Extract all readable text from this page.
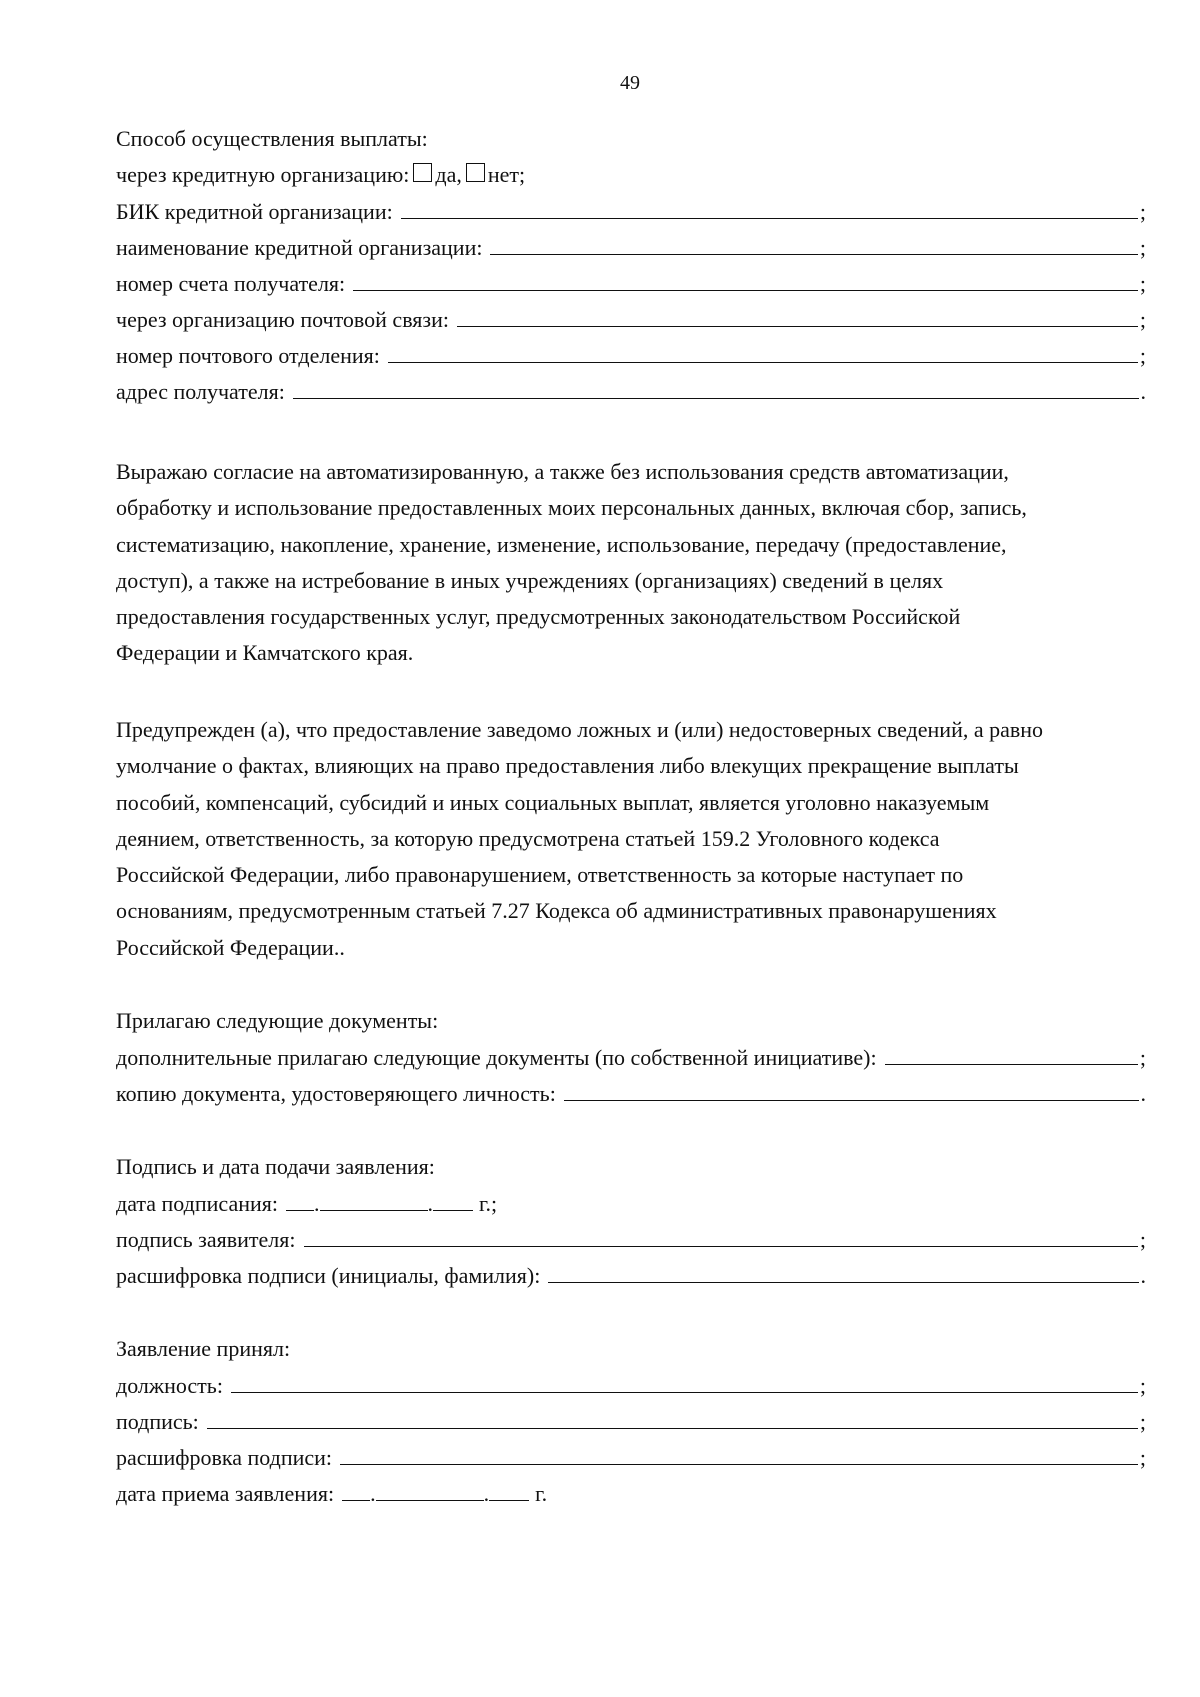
49
Способ осуществления выплаты:
через кредитную организацию: да, нет;
БИК кредитной организации:	;
наименование кредитной организации:	;
номер счета получателя:	;
через организацию почтовой связи:	;
номер почтового отделения:	;
адрес получателя:	.
Выражаю согласие на автоматизированную, а также без использования средств автоматизации,
обработку и использование предоставленных моих персональных данных, включая сбор, запись,
систематизацию, накопление, хранение, изменение, использование, передачу (предоставление,
доступ), а также на истребование в иных учреждениях (организациях) сведений в целях
предоставления государственных услуг, предусмотренных законодательством Российской
Федерации и Камчатского края.
Предупрежден (а), что предоставление заведомо ложных и (или) недостоверных сведений, а равно
умолчание о фактах, влияющих на право предоставления либо влекущих прекращение выплаты
пособий, компенсаций, субсидий и иных социальных выплат, является уголовно наказуемым
деянием, ответственность, за которую предусмотрена статьей 159.2 Уголовного кодекса
Российской Федерации, либо правонарушением, ответственность за которые наступает по
основаниям, предусмотренным статьей 7.27 Кодекса об административных правонарушениях
Российской Федерации..
Прилагаю следующие документы:
дополнительные прилагаю следующие документы (по собственной инициативе):	;
копию документа, удостоверяющего личность:	.
Подпись и дата подачи заявления:
дата подписания: .	. г.;
подпись заявителя:	;
расшифровка подписи (инициалы, фамилия):	.
Заявление принял:
должность:	;
подпись:	;
расшифровка подписи:	;
дата приема заявления: .	. г.
